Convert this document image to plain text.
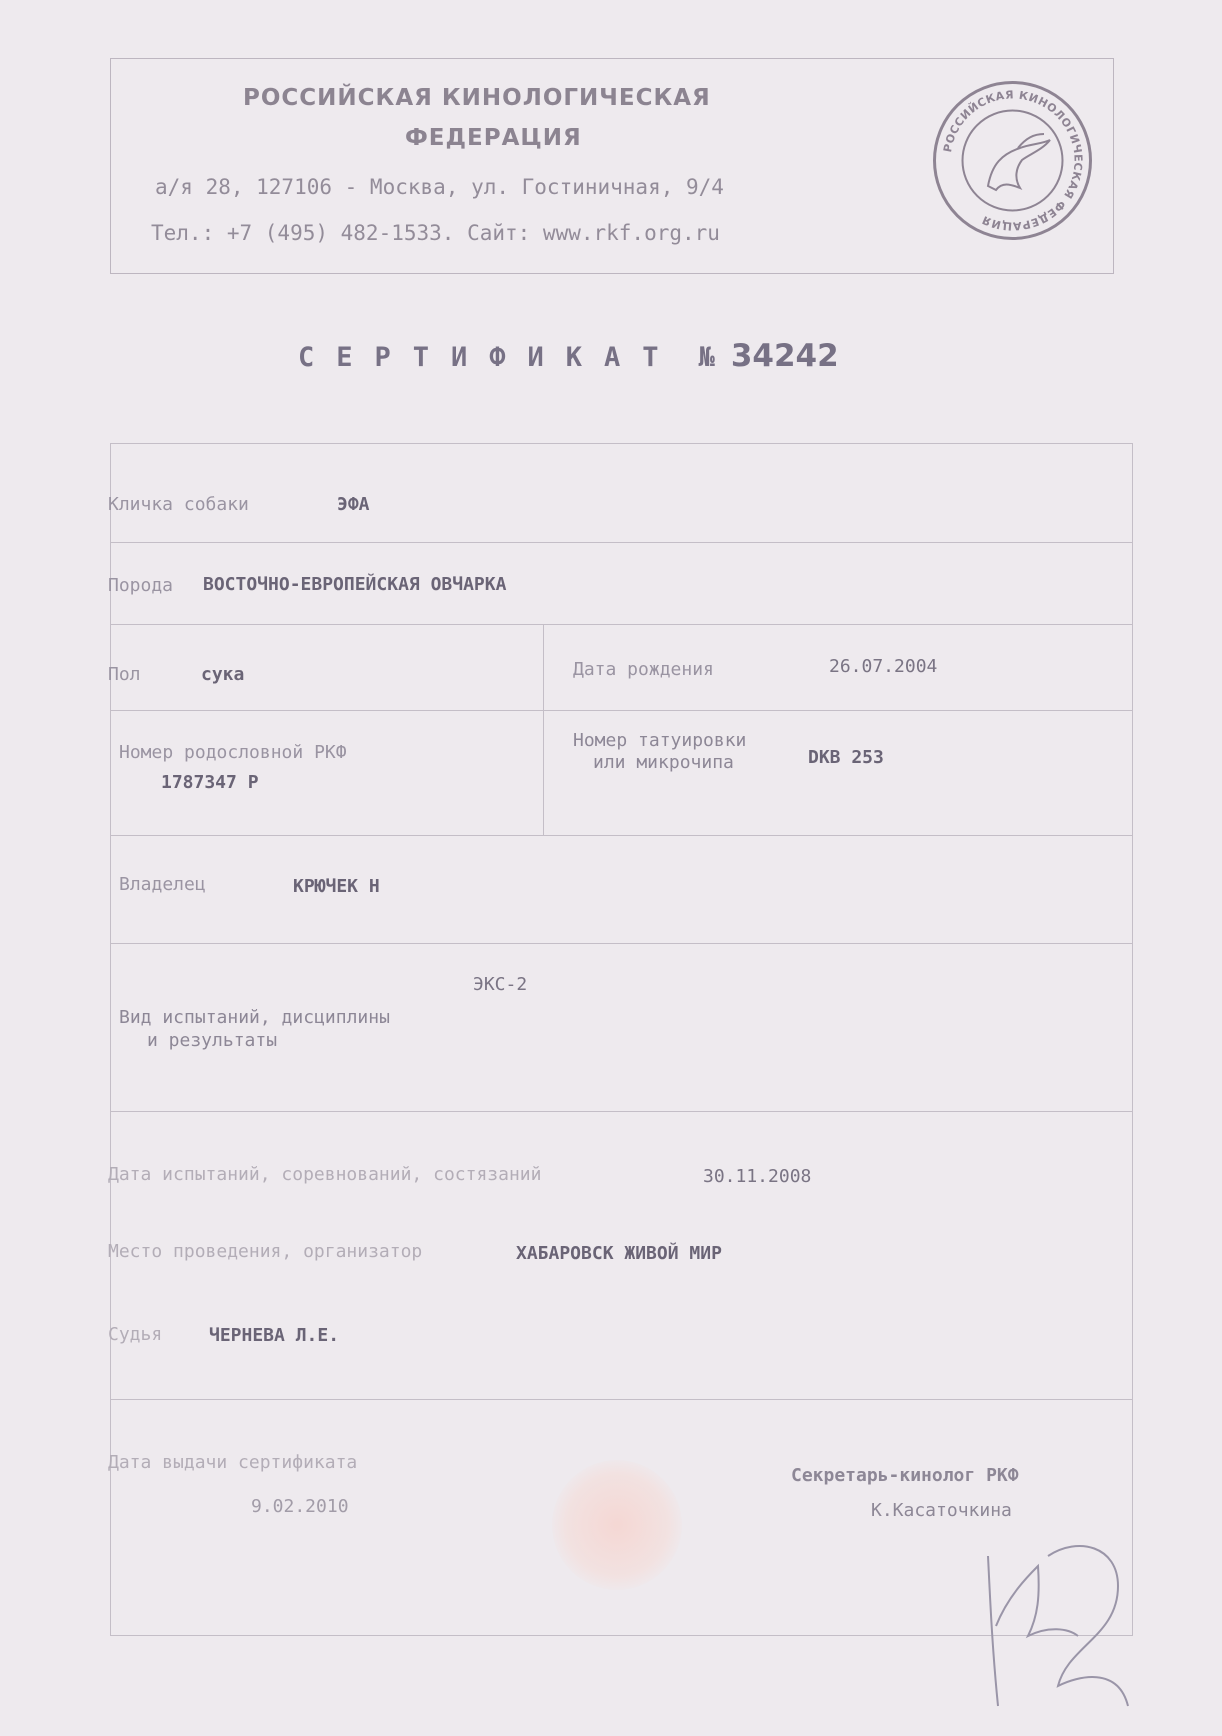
РОССИЙСКАЯ КИНОЛОГИЧЕСКАЯ
ФЕДЕРАЦИЯ
а/я 28, 127106 - Москва, ул. Гостиничная, 9/4
Тел.: +7 (495) 482-1533. Сайт: www.rkf.org.ru
РОССИЙСКАЯ КИНОЛОГИЧЕСКАЯ ФЕДЕРАЦИЯ
СЕРТИФИКАТ № 34242
Кличка собаки	ЭФА
Порода ВОСТОЧНО-ЕВРОПЕЙСКАЯ ОВЧАРКА
Пол	сука	Дата рождения	26.07.2004
Номер родословной РКФ
1787347 Р
Номер татуировки
или микрочипа	DKB 253
Владелец	КРЮЧЕК Н
ЭКС-2
Вид испытаний, дисциплины
и результаты
Дата испытаний, соревнований, состязаний	30.11.2008
Место проведения, организатор	ХАБАРОВСК ЖИВОЙ МИР
Судья	ЧЕРНЕВА Л.Е.
Дата выдачи сертификата
9.02.2010
Секретарь-кинолог РКФ
К.Касаточкина
